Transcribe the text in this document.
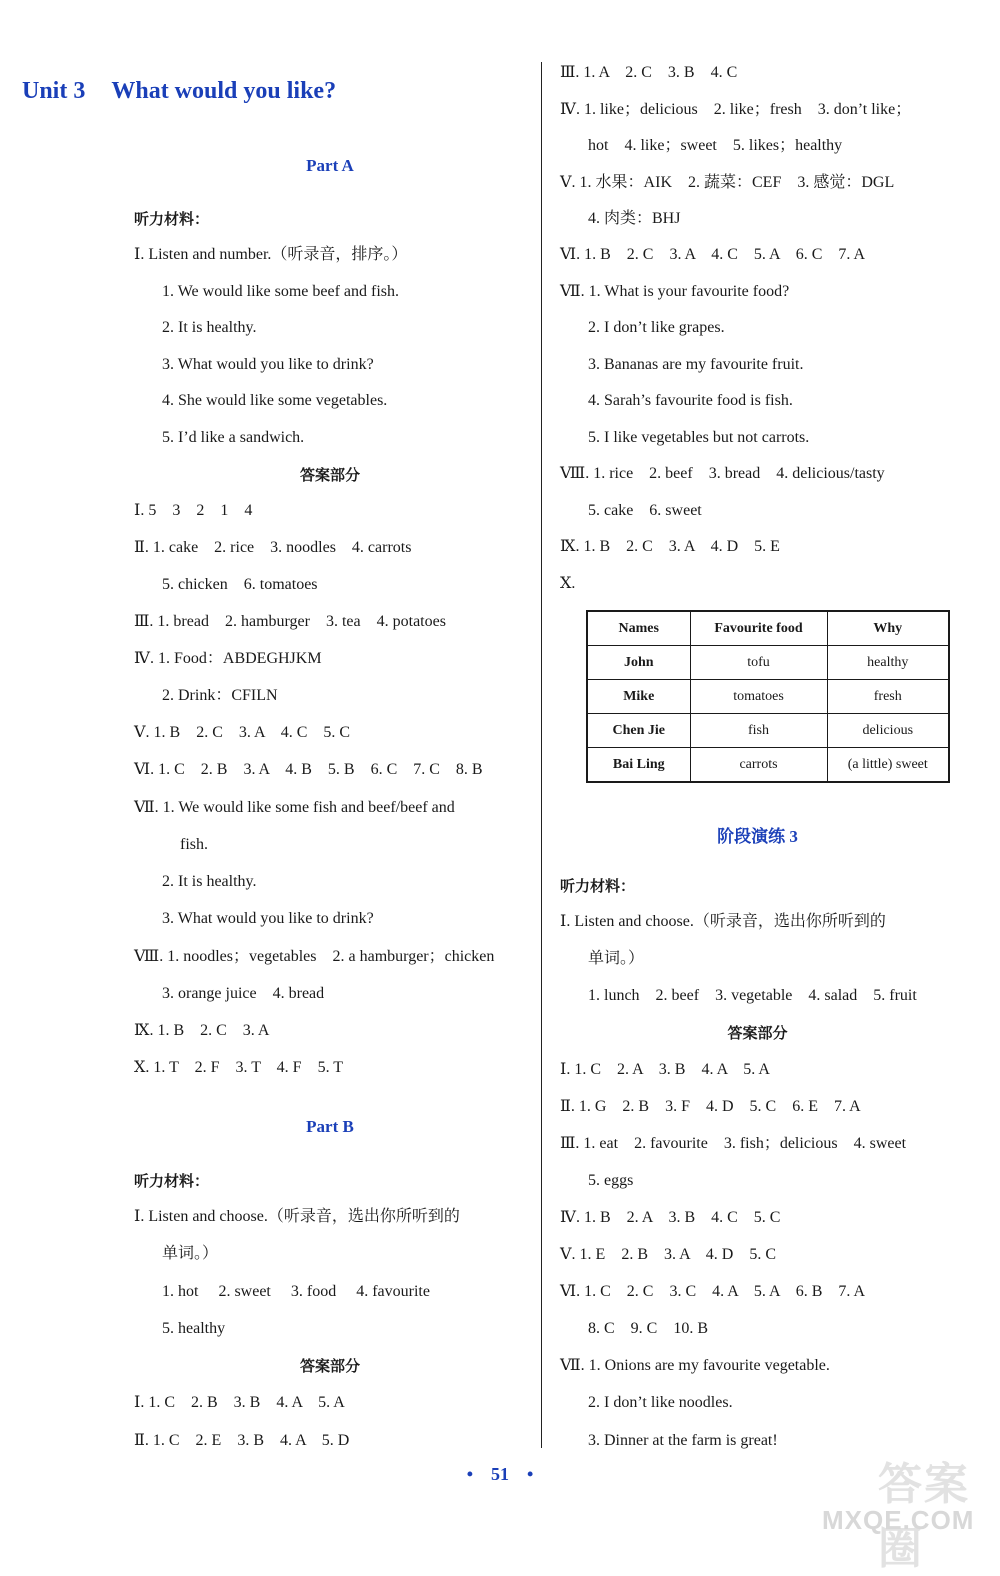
Unit 3 What would you like?
Part A
听力材料：
Ⅰ. Listen and number.（听录音，排序。）
1. We would like some beef and fish.
2. It is healthy.
3. What would you like to drink?
4. She would like some vegetables.
5. I’d like a sandwich.
答案部分
Ⅰ. 5　3　2　1　4
Ⅱ. 1. cake　2. rice　3. noodles　4. carrots
5. chicken　6. tomatoes
Ⅲ. 1. bread　2. hamburger　3. tea　4. potatoes
Ⅳ. 1. Food：ABDEGHJKM
2. Drink：CFILN
Ⅴ. 1. B　2. C　3. A　4. C　5. C
Ⅵ. 1. C　2. B　3. A　4. B　5. B　6. C　7. C　8. B
Ⅶ. 1. We would like some fish and beef/beef and
fish.
2. It is healthy.
3. What would you like to drink?
Ⅷ. 1. noodles；vegetables　2. a hamburger；chicken
3. orange juice　4. bread
Ⅸ. 1. B　2. C　3. A
Ⅹ. 1. T　2. F　3. T　4. F　5. T
Part B
听力材料：
Ⅰ. Listen and choose.（听录音，选出你所听到的
单词。）
1. hot　 2. sweet　 3. food　 4. favourite
5. healthy
答案部分
Ⅰ. 1. C　2. B　3. B　4. A　5. A
Ⅱ. 1. C　2. E　3. B　4. A　5. D
Ⅲ. 1. A　2. C　3. B　4. C
Ⅳ. 1. like；delicious　2. like；fresh　3. don’t like；
hot　4. like；sweet　5. likes；healthy
Ⅴ. 1. 水果：AIK　2. 蔬菜：CEF　3. 感觉：DGL
4. 肉类：BHJ
Ⅵ. 1. B　2. C　3. A　4. C　5. A　6. C　7. A
Ⅶ. 1. What is your favourite food?
2. I don’t like grapes.
3. Bananas are my favourite fruit.
4. Sarah’s favourite food is fish.
5. I like vegetables but not carrots.
Ⅷ. 1. rice　2. beef　3. bread　4. delicious/tasty
5. cake　6. sweet
Ⅸ. 1. B　2. C　3. A　4. D　5. E
Ⅹ.
阶段演练 3
听力材料：
Ⅰ. Listen and choose.（听录音，选出你所听到的
单词。）
1. lunch　2. beef　3. vegetable　4. salad　5. fruit
答案部分
Ⅰ. 1. C　2. A　3. B　4. A　5. A
Ⅱ. 1. G　2. B　3. F　4. D　5. C　6. E　7. A
Ⅲ. 1. eat　2. favourite　3. fish；delicious　4. sweet
5. eggs
Ⅳ. 1. B　2. A　3. B　4. C　5. C
Ⅴ. 1. E　2. B　3. A　4. D　5. C
Ⅵ. 1. C　2. C　3. C　4. A　5. A　6. B　7. A
8. C　9. C　10. B
Ⅶ. 1. Onions are my favourite vegetable.
2. I don’t like noodles.
3. Dinner at the farm is great!
Names	Favourite food	Why
John	tofu	healthy
Mike	tomatoes	fresh
Chen Jie	fish	delicious
Bai Ling	carrots	(a little) sweet
• 51 •	答案圈
MXQE.COM
